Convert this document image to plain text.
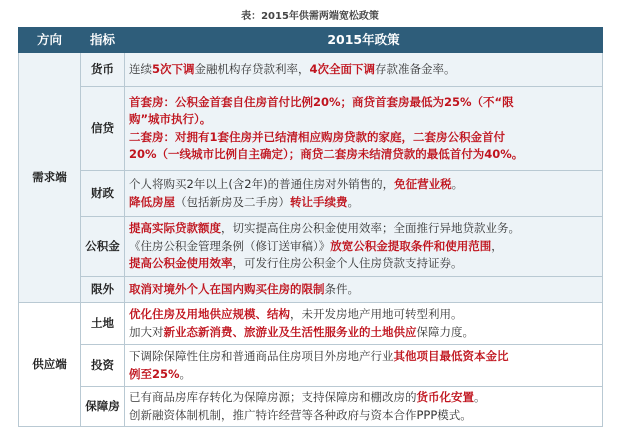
表：2015年供需两端宽松政策
方向	指标	2015年政策
需求端	货币	连续5次下调金融机构存贷款利率，4次全面下调存款准备金率。

	信贷	首套房：公积金首套自住房首付比例20%；商贷首套房最低为25%（不“限
购”城市执行）。
二套房：对拥有1套住房并已结清相应购房贷款的家庭，二套房公积金首付
20%（一线城市比例自主确定）；商贷二套房未结清贷款的最低首付为40%。

	财政	个人将购买2年以上(含2年)的普通住房对外销售的，免征营业税。
降低房屋（包括新房及二手房）转让手续费。

	公积金	提高实际贷款额度，切实提高住房公积金使用效率；全面推行异地贷款业务。
《住房公积金管理条例（修订送审稿）》放宽公积金提取条件和使用范围，
提高公积金使用效率，可发行住房公积金个人住房贷款支持证券。

	限外	取消对境外个人在国内购买住房的限制条件。

供应端	土地	优化住房及用地供应规模、结构，未开发房地产用地可转型利用。
加大对新业态新消费、旅游业及生活性服务业的土地供应保障力度。

	投资	下调除保障性住房和普通商品住房项目外房地产行业其他项目最低资本金比
例至25%。

	保障房	已有商品房库存转化为保障房源；支持保障房和棚改房的货币化安置。
创新融资体制机制，推广特许经营等各种政府与资本合作PPP模式。
